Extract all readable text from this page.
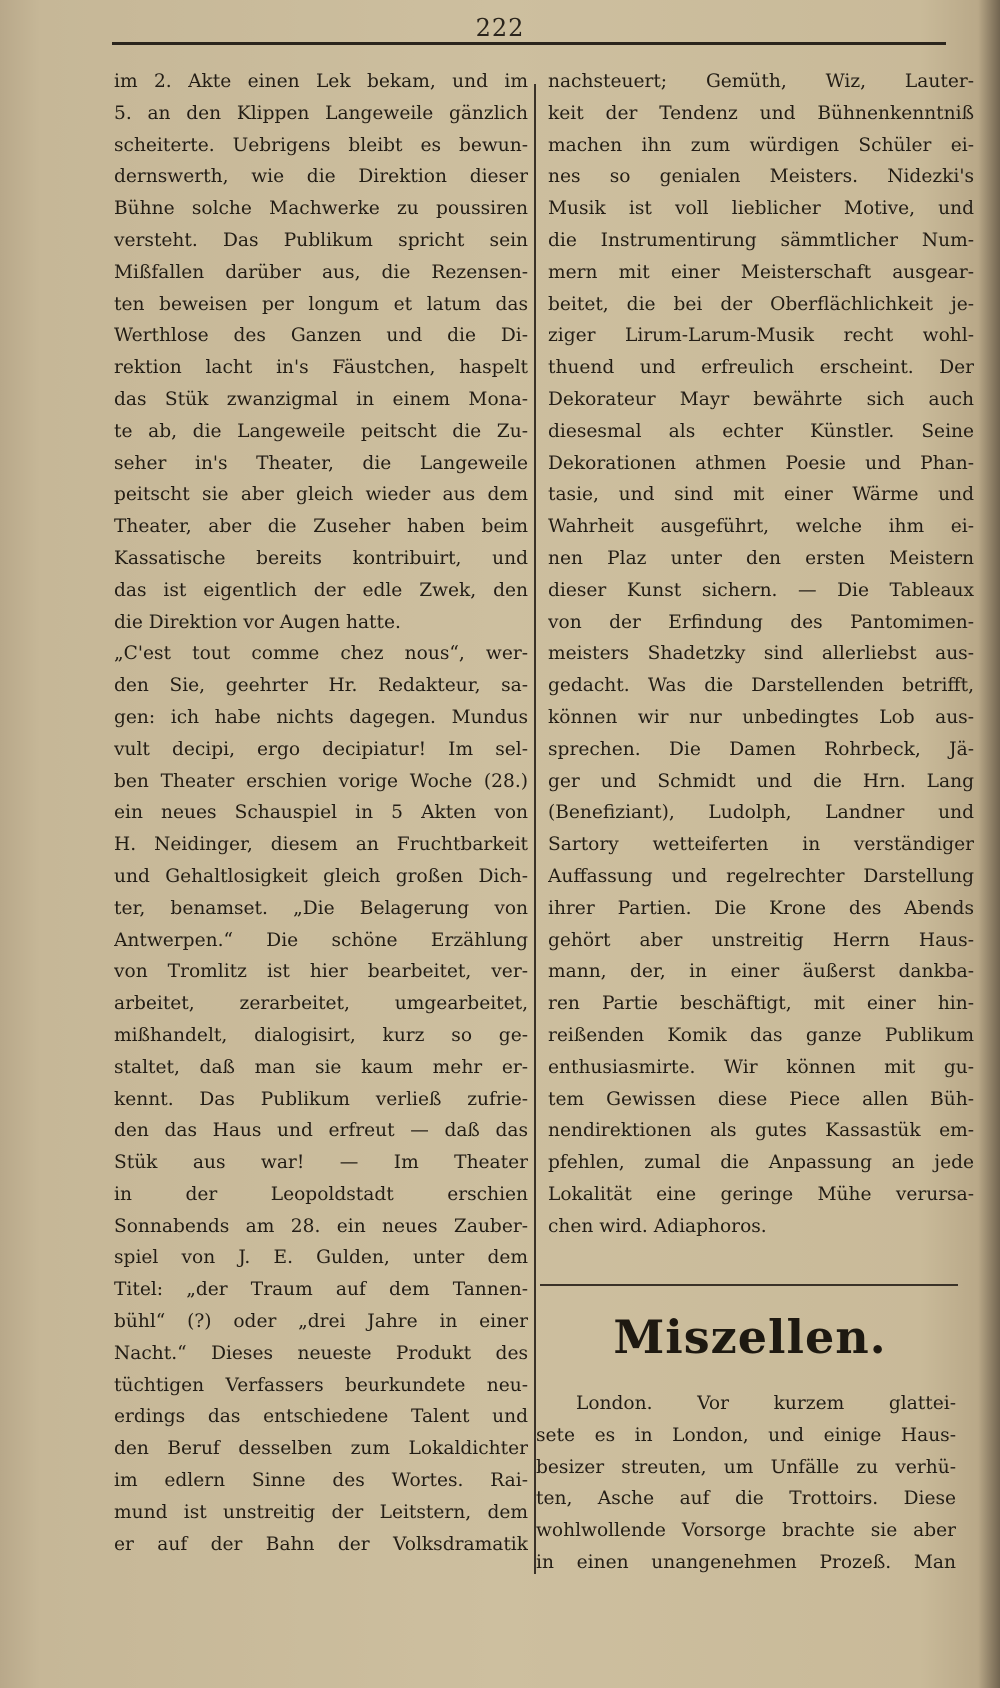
222
im 2. Akte einen Lek bekam, und im
5. an den Klippen Langeweile gänzlich
scheiterte. Uebrigens bleibt es bewun-
dernswerth, wie die Direktion dieser
Bühne solche Machwerke zu poussiren
versteht. Das Publikum spricht sein
Mißfallen darüber aus, die Rezensen-
ten beweisen per longum et latum das
Werthlose des Ganzen und die Di-
rektion lacht in's Fäustchen, haspelt
das Stük zwanzigmal in einem Mona-
te ab, die Langeweile peitscht die Zu-
seher in's Theater, die Langeweile
peitscht sie aber gleich wieder aus dem
Theater, aber die Zuseher haben beim
Kassatische bereits kontribuirt, und
das ist eigentlich der edle Zwek, den
die Direktion vor Augen hatte.
„C'est tout comme chez nous“, wer-
den Sie, geehrter Hr. Redakteur, sa-
gen: ich habe nichts dagegen. Mundus
vult decipi, ergo decipiatur! Im sel-
ben Theater erschien vorige Woche (28.)
ein neues Schauspiel in 5 Akten von
H. Neidinger, diesem an Fruchtbarkeit
und Gehaltlosigkeit gleich großen Dich-
ter, benamset. „Die Belagerung von
Antwerpen.“ Die schöne Erzählung
von Tromlitz ist hier bearbeitet, ver-
arbeitet, zerarbeitet, umgearbeitet,
mißhandelt, dialogisirt, kurz so ge-
staltet, daß man sie kaum mehr er-
kennt. Das Publikum verließ zufrie-
den das Haus und erfreut — daß das
Stük aus war! — Im Theater
in der Leopoldstadt erschien
Sonnabends am 28. ein neues Zauber-
spiel von J. E. Gulden, unter dem
Titel: „der Traum auf dem Tannen-
bühl“ (?) oder „drei Jahre in einer
Nacht.“ Dieses neueste Produkt des
tüchtigen Verfassers beurkundete neu-
erdings das entschiedene Talent und
den Beruf desselben zum Lokaldichter
im edlern Sinne des Wortes. Rai-
mund ist unstreitig der Leitstern, dem
er auf der Bahn der Volksdramatik
nachsteuert; Gemüth, Wiz, Lauter-
keit der Tendenz und Bühnenkenntniß
machen ihn zum würdigen Schüler ei-
nes so genialen Meisters. Nidezki's
Musik ist voll lieblicher Motive, und
die Instrumentirung sämmtlicher Num-
mern mit einer Meisterschaft ausgear-
beitet, die bei der Oberflächlichkeit je-
ziger Lirum-Larum-Musik recht wohl-
thuend und erfreulich erscheint. Der
Dekorateur Mayr bewährte sich auch
diesesmal als echter Künstler. Seine
Dekorationen athmen Poesie und Phan-
tasie, und sind mit einer Wärme und
Wahrheit ausgeführt, welche ihm ei-
nen Plaz unter den ersten Meistern
dieser Kunst sichern. — Die Tableaux
von der Erfindung des Pantomimen-
meisters Shadetzky sind allerliebst aus-
gedacht. Was die Darstellenden betrifft,
können wir nur unbedingtes Lob aus-
sprechen. Die Damen Rohrbeck, Jä-
ger und Schmidt und die Hrn. Lang
(Benefiziant), Ludolph, Landner und
Sartory wetteiferten in verständiger
Auffassung und regelrechter Darstellung
ihrer Partien. Die Krone des Abends
gehört aber unstreitig Herrn Haus-
mann, der, in einer äußerst dankba-
ren Partie beschäftigt, mit einer hin-
reißenden Komik das ganze Publikum
enthusiasmirte. Wir können mit gu-
tem Gewissen diese Piece allen Büh-
nendirektionen als gutes Kassastük em-
pfehlen, zumal die Anpassung an jede
Lokalität eine geringe Mühe verursa-
chen wird. Adiaphoros.
Miszellen.
London. Vor kurzem glattei-
sete es in London, und einige Haus-
besizer streuten, um Unfälle zu verhü-
ten, Asche auf die Trottoirs. Diese
wohlwollende Vorsorge brachte sie aber
in einen unangenehmen Prozeß. Man
